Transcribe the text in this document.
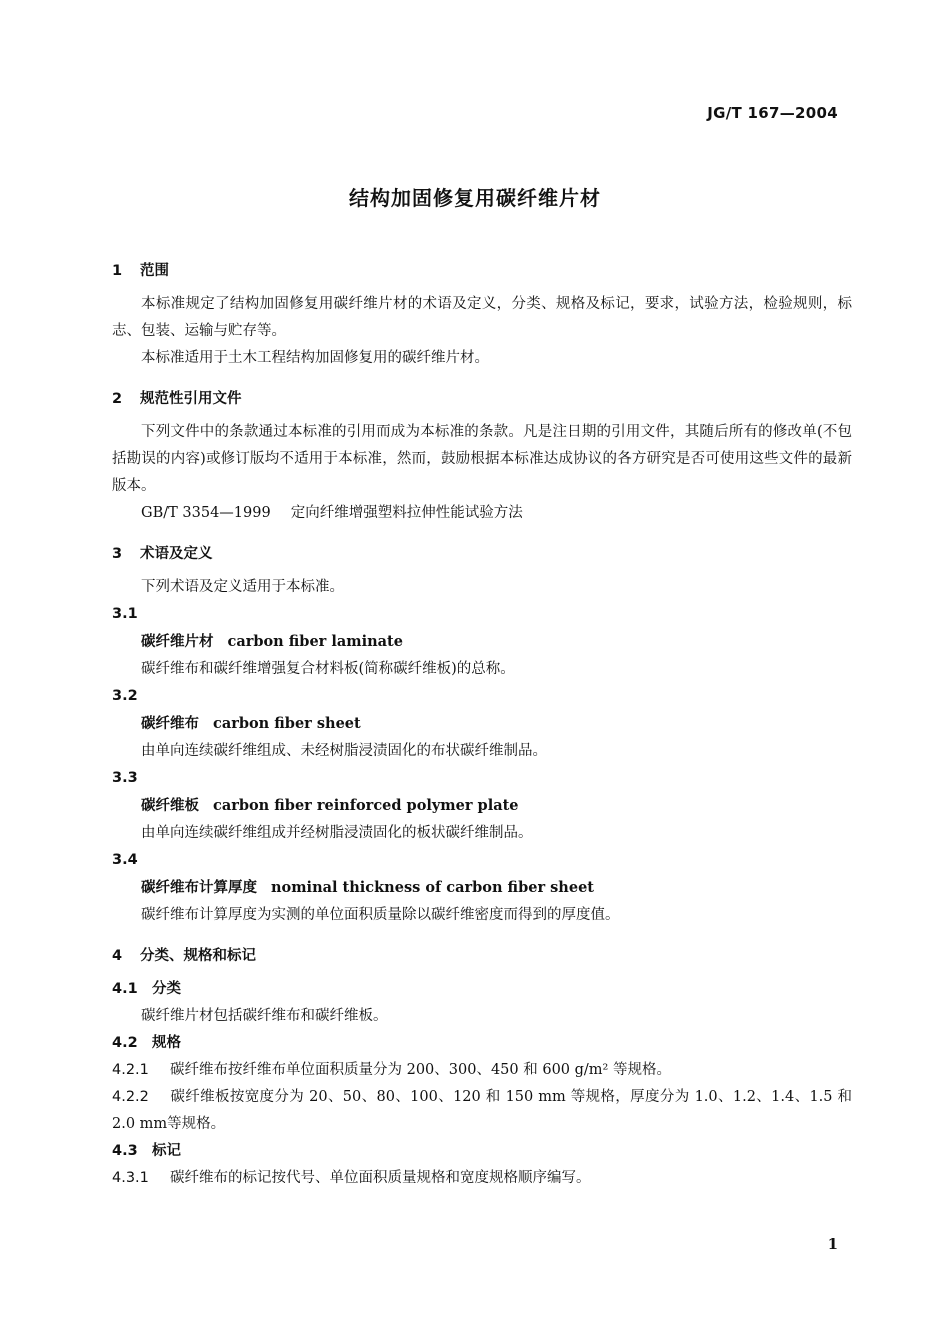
JG/T 167—2004
结构加固修复用碳纤维片材
1 范围
本标准规定了结构加固修复用碳纤维片材的术语及定义，分类、规格及标记，要求，试验方法，检验规则，标志、包装、运输与贮存等。
本标准适用于土木工程结构加固修复用的碳纤维片材。
2 规范性引用文件
下列文件中的条款通过本标准的引用而成为本标准的条款。凡是注日期的引用文件，其随后所有的修改单(不包括勘误的内容)或修订版均不适用于本标准，然而，鼓励根据本标准达成协议的各方研究是否可使用这些文件的最新版本。
GB/T 3354—1999 定向纤维增强塑料拉伸性能试验方法
3 术语及定义
下列术语及定义适用于本标准。
3.1
碳纤维片材 carbon fiber laminate
碳纤维布和碳纤维增强复合材料板(简称碳纤维板)的总称。
3.2
碳纤维布 carbon fiber sheet
由单向连续碳纤维组成、未经树脂浸渍固化的布状碳纤维制品。
3.3
碳纤维板 carbon fiber reinforced polymer plate
由单向连续碳纤维组成并经树脂浸渍固化的板状碳纤维制品。
3.4
碳纤维布计算厚度 nominal thickness of carbon fiber sheet
碳纤维布计算厚度为实测的单位面积质量除以碳纤维密度而得到的厚度值。
4 分类、规格和标记
4.1 分类
碳纤维片材包括碳纤维布和碳纤维板。
4.2 规格
4.2.1 碳纤维布按纤维布单位面积质量分为 200、300、450 和 600 g/m² 等规格。
4.2.2 碳纤维板按宽度分为 20、50、80、100、120 和 150 mm 等规格，厚度分为 1.0、1.2、1.4、1.5 和 2.0 mm等规格。
4.3 标记
4.3.1 碳纤维布的标记按代号、单位面积质量规格和宽度规格顺序编写。
1
